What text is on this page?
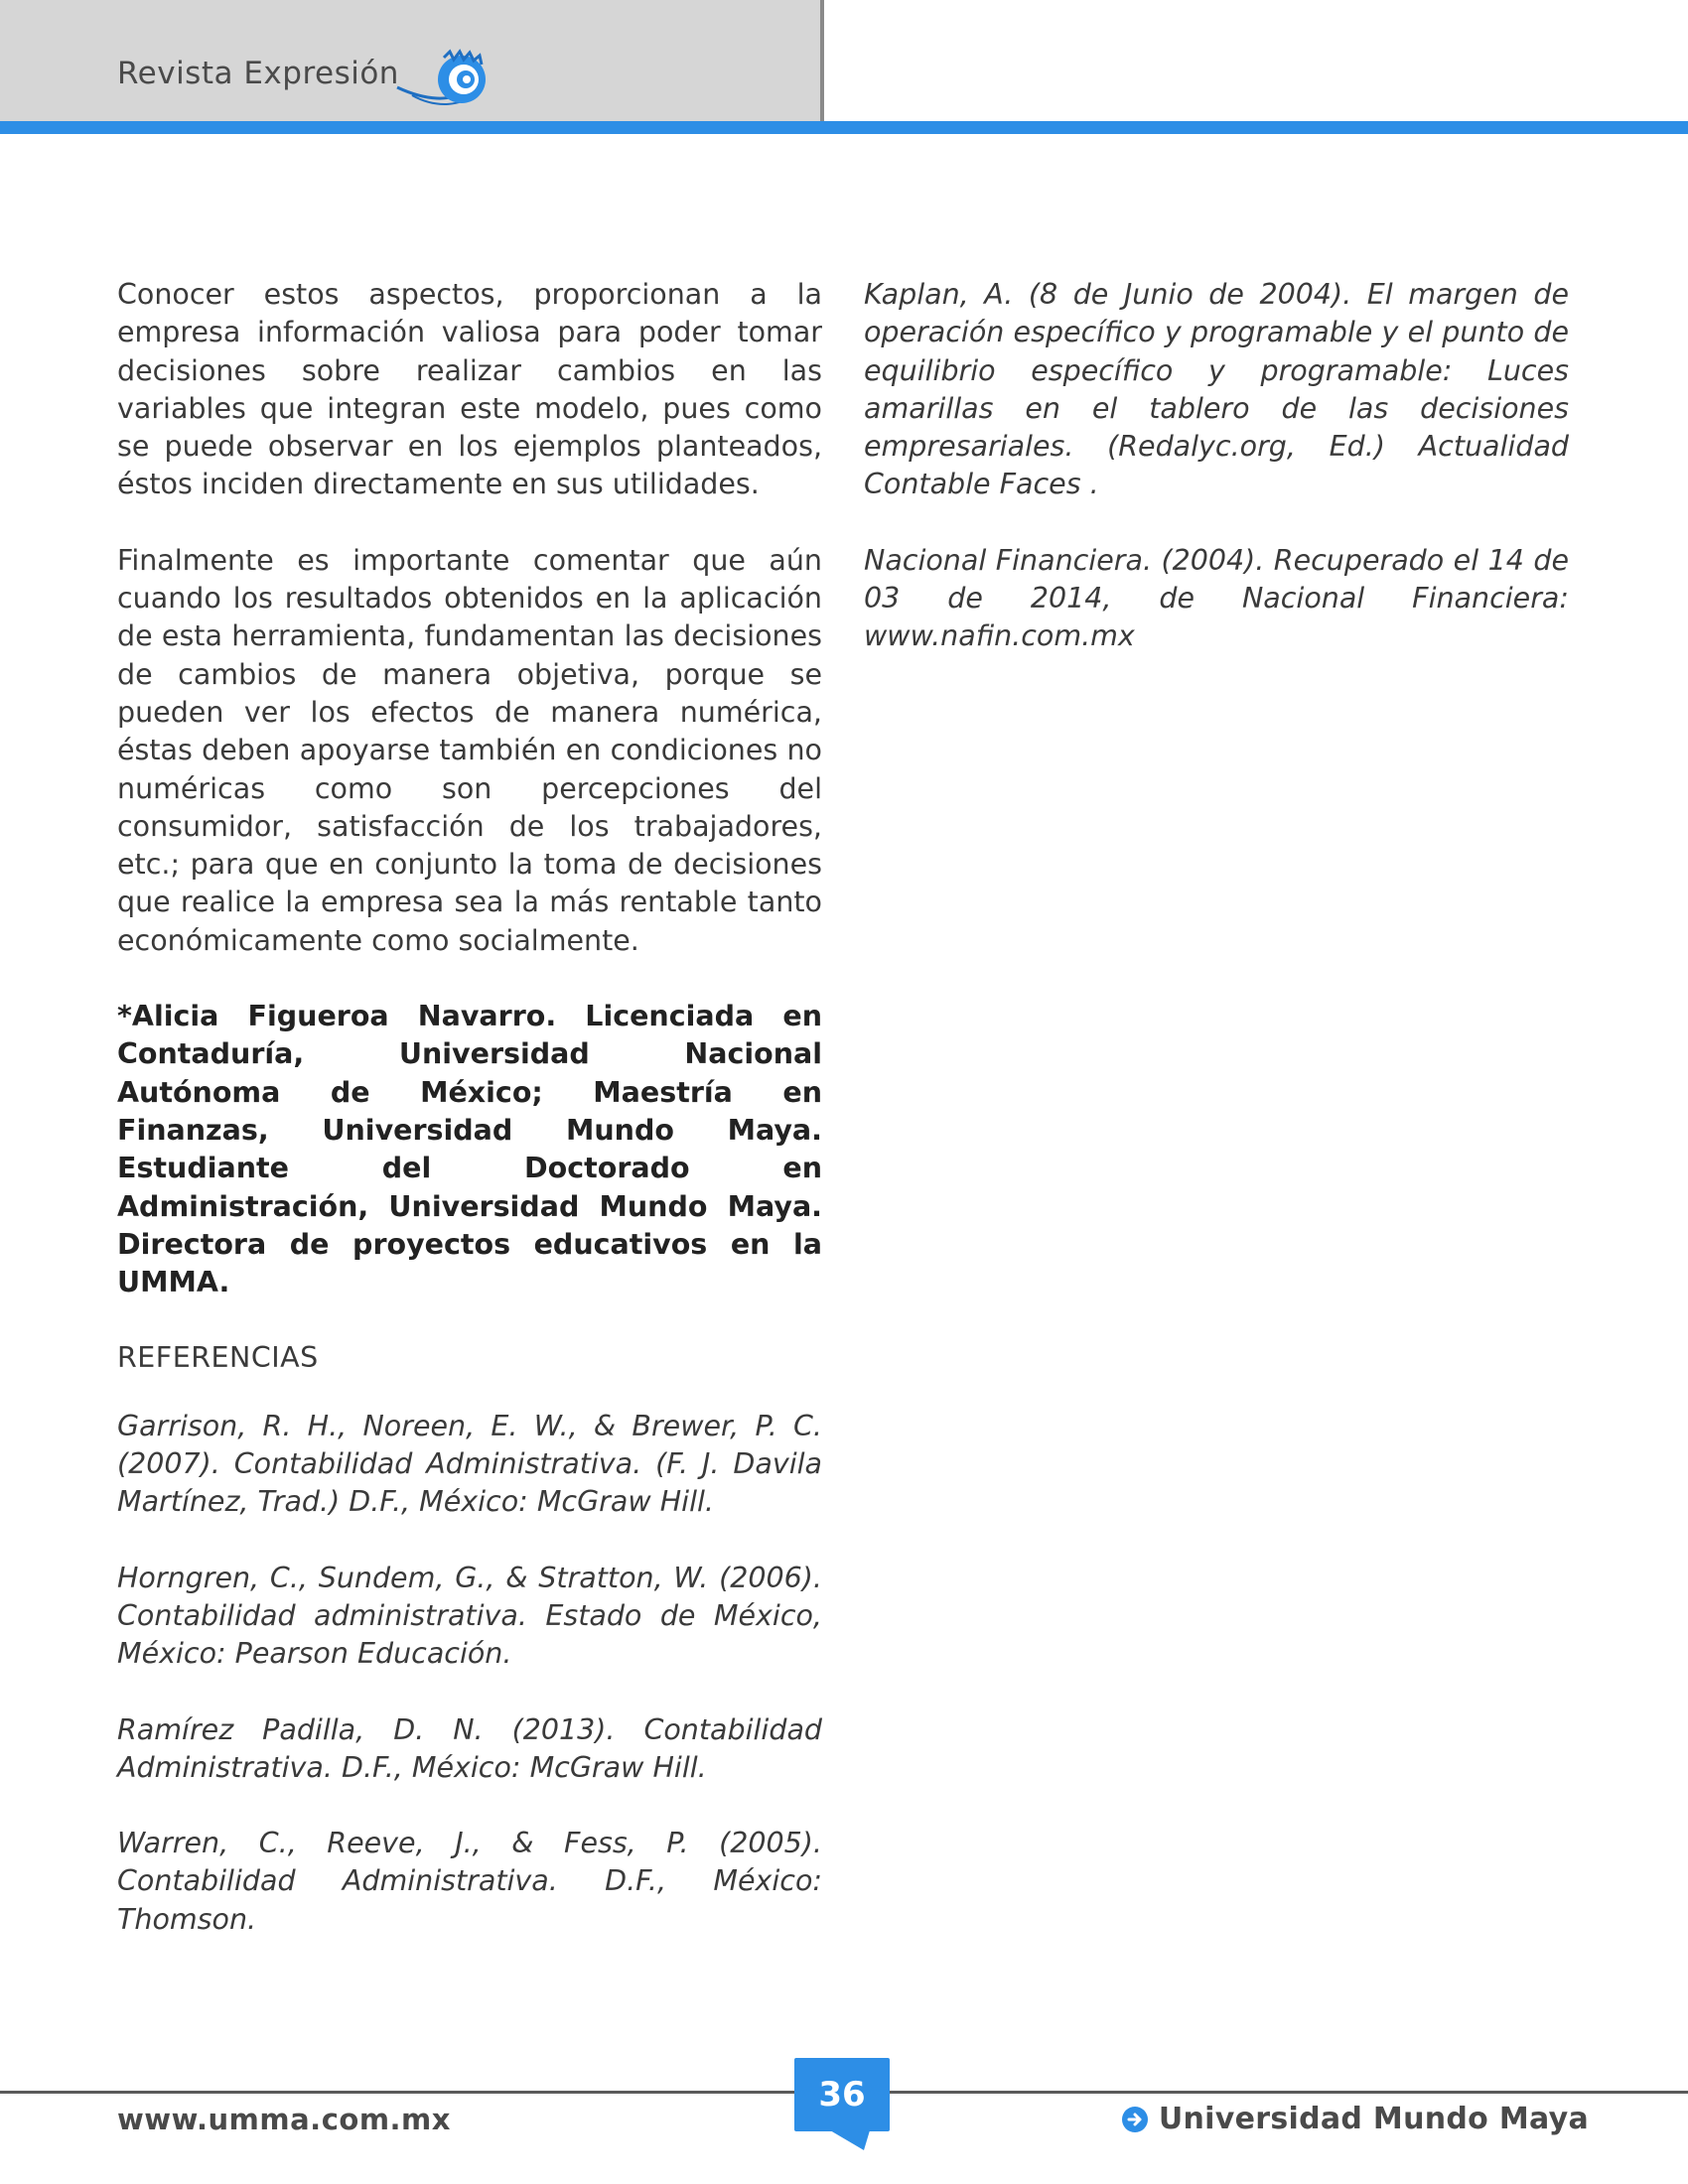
Revista Expresión

Conocer estos aspectos, proporcionan a la empresa información valiosa para poder tomar decisiones sobre realizar cambios en las variables que integran este modelo, pues como se puede observar en los ejemplos planteados, éstos inciden directamente en sus utilidades.

Finalmente es importante comentar que aún cuando los resultados obtenidos en la aplicación de esta herramienta, fundamentan las decisiones de cambios de manera objetiva, porque se pueden ver los efectos de manera numérica, éstas deben apoyarse también en condiciones no numéricas como son percepciones del consumidor, satisfacción de los trabajadores, etc.; para que en conjunto la toma de decisiones que realice la empresa sea la más rentable tanto económicamente como socialmente.

*Alicia Figueroa Navarro. Licenciada en Contaduría, Universidad Nacional Autónoma de México; Maestría en Finanzas, Universidad Mundo Maya. Estudiante del Doctorado en Administración, Universidad Mundo Maya. Directora de proyectos educativos en la UMMA.

REFERENCIAS

Garrison, R. H., Noreen, E. W., & Brewer, P. C. (2007). Contabilidad Administrativa. (F. J. Davila Martínez, Trad.) D.F., México: McGraw Hill.

Horngren, C., Sundem, G., & Stratton, W. (2006). Contabilidad administrativa. Estado de México, México: Pearson Educación.

Ramírez Padilla, D. N. (2013). Contabilidad Administrativa. D.F., México: McGraw Hill.

Warren, C., Reeve, J., & Fess, P. (2005). Contabilidad Administrativa. D.F., México: Thomson.

Kaplan, A. (8 de Junio de 2004). El margen de operación específico y programable y el punto de equilibrio específico y programable: Luces amarillas en el tablero de las decisiones empresariales. (Redalyc.org, Ed.) Actualidad Contable Faces .

Nacional Financiera. (2004). Recuperado el 14 de 03 de 2014, de Nacional Financiera: www.nafin.com.mx

www.umma.com.mx
36
Universidad Mundo Maya
